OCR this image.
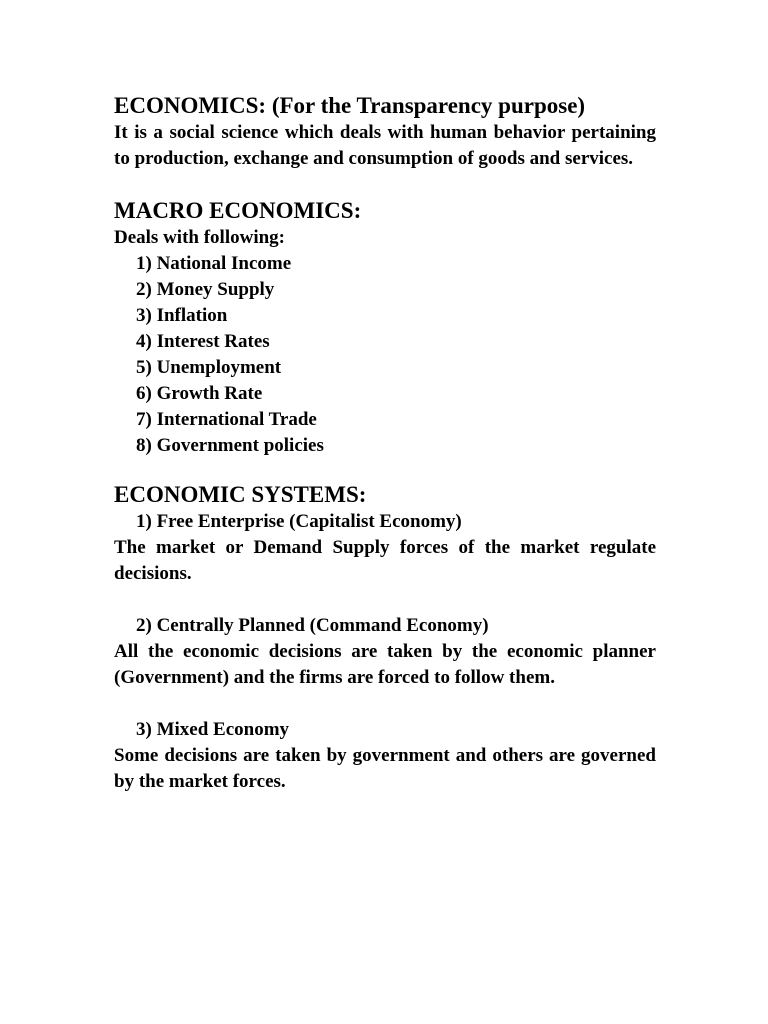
ECONOMICS: (For the Transparency purpose)

It is a social science which deals with human behavior pertaining to production, exchange and consumption of goods and services.

MACRO ECONOMICS:

Deals with following:

1) National Income
2) Money Supply
3) Inflation
4) Interest Rates
5) Unemployment
6) Growth Rate
7) International Trade
8) Government policies
ECONOMIC SYSTEMS:

1) Free Enterprise (Capitalist Economy)

The market or Demand Supply forces of the market regulate decisions.

2) Centrally Planned (Command Economy)

All the economic decisions are taken by the economic planner (Government) and the firms are forced to follow them.

3) Mixed Economy

Some decisions are taken by government and others are governed by the market forces.
